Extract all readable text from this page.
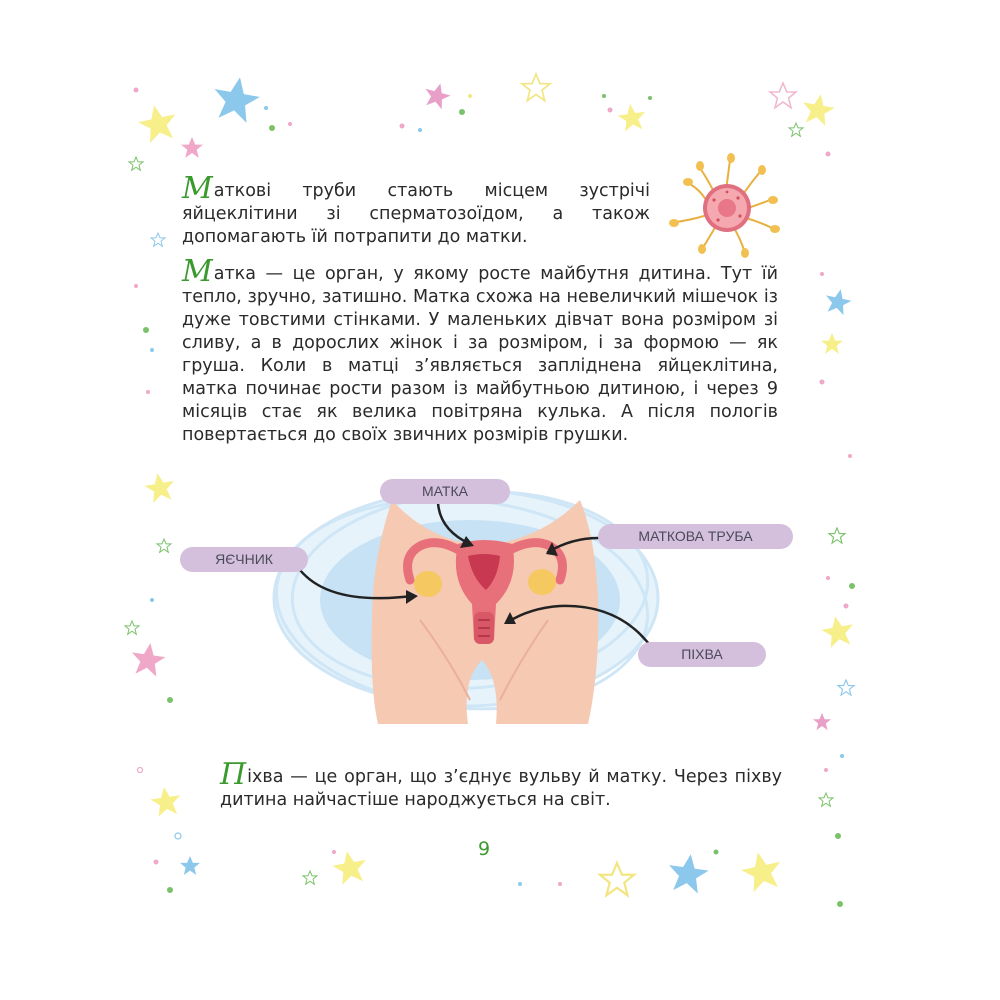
МАТКА
МАТКОВА ТРУБА
ЯЄЧНИК
ПІХВА

Маткові труби стають місцем зустрічі яйцеклітини зі сперматозоїдом, а також допомагають їй потрапити до матки.

Матка — це орган, у якому росте майбутня дитина. Тут їй тепло, зручно, затишно. Матка схожа на невеличкий мішечок із дуже товстими стінками. У маленьких дівчат вона розміром зі сливу, а в дорослих жінок і за розміром, і за формою — як груша. Коли в матці з’являється запліднена яйцеклітина, матка починає рости разом із майбутньою дитиною, і через 9 місяців стає як велика повітряна кулька. А після пологів повертається до своїх звичних розмірів грушки.

Піхва — це орган, що з’єднує вульву й матку. Через піхву дитина найчастіше народжується на світ.

9
